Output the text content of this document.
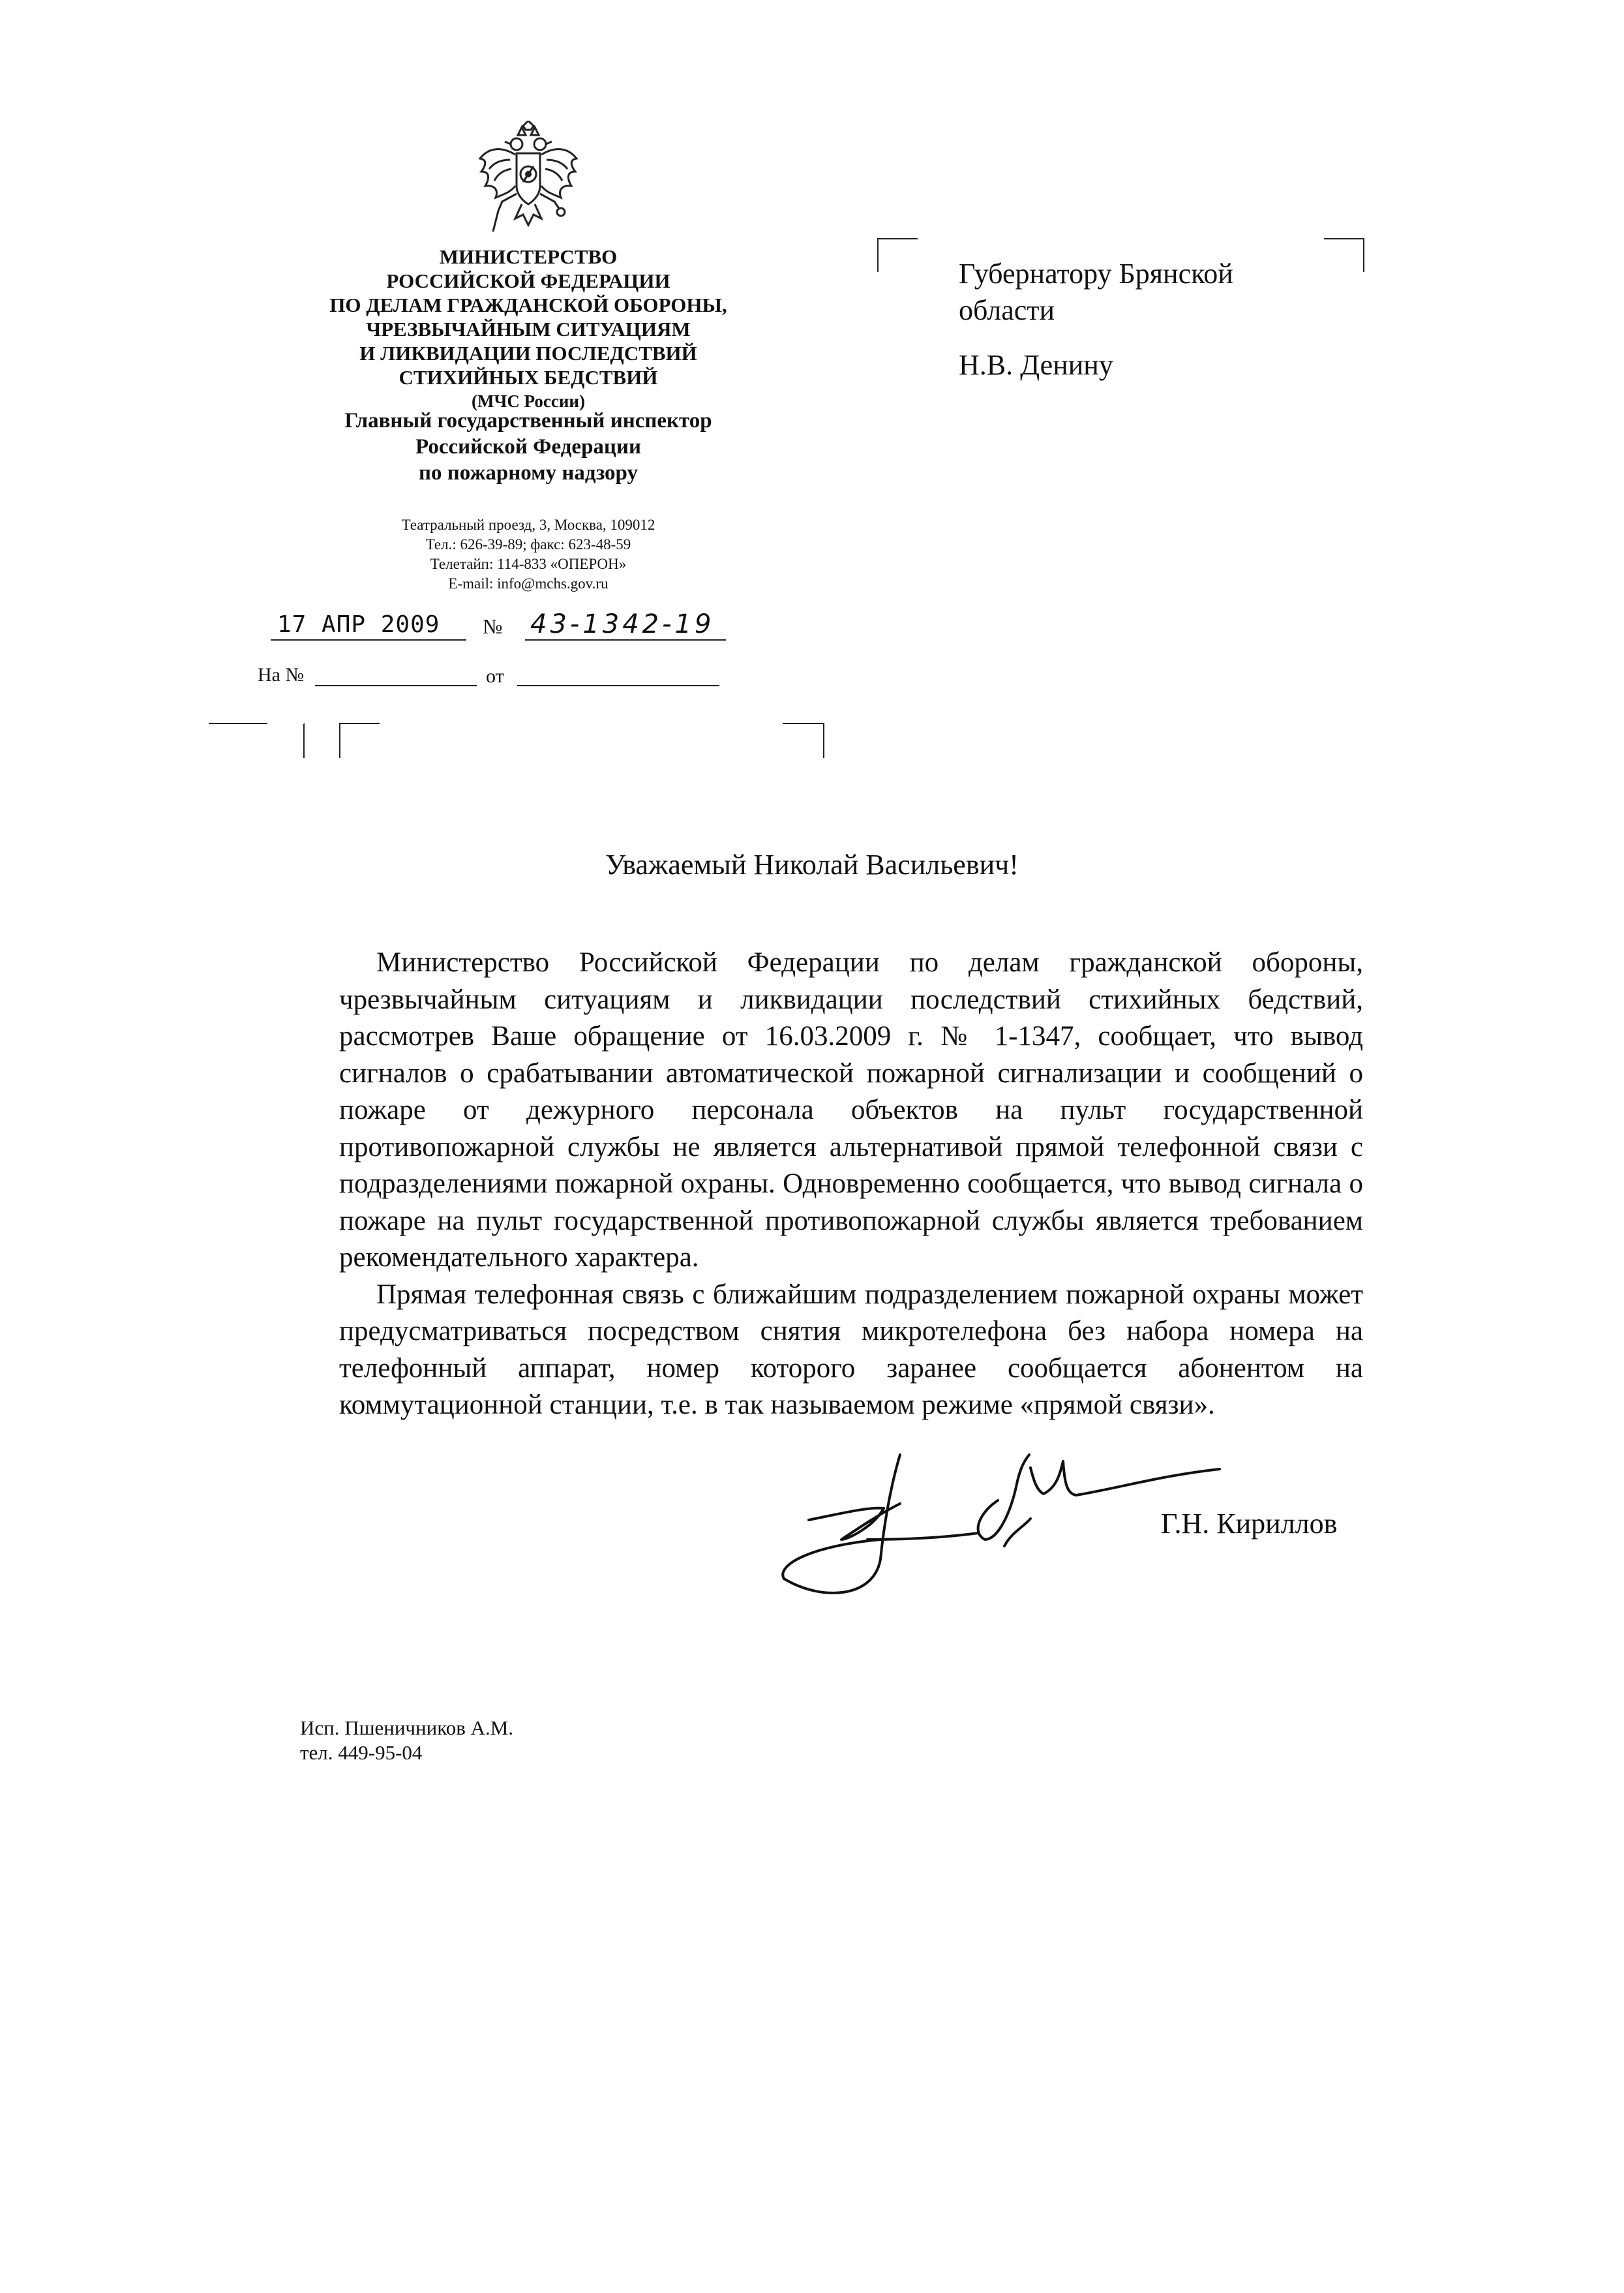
МИНИСТЕРСТВО
РОССИЙСКОЙ ФЕДЕРАЦИИ
ПО ДЕЛАМ ГРАЖДАНСКОЙ ОБОРОНЫ,
ЧРЕЗВЫЧАЙНЫМ СИТУАЦИЯМ
И ЛИКВИДАЦИИ ПОСЛЕДСТВИЙ
СТИХИЙНЫХ БЕДСТВИЙ
(МЧС России)
Главный государственный инспектор
Российской Федерации
по пожарному надзору
Театральный проезд, 3, Москва, 109012
Тел.: 626-39-89; факс: 623-48-59
Телетайп: 114-833 «ОПЕРОН»
E-mail: info@mchs.gov.ru
17 АПР 2009	№ 43-1342-19
На №	от
Губернатору Брянской
области
Н.В. Денину
Уважаемый Николай Васильевич!

Министерство Российской Федерации по делам гражданской обороны, чрезвычайным ситуациям и ликвидации последствий стихийных бедствий, рассмотрев Ваше обращение от 16.03.2009 г. № 1-1347, сообщает, что вывод сигналов о срабатывании автоматической пожарной сигнализации и сообщений о пожаре от дежурного персонала объектов на пульт государственной противопожарной службы не является альтернативой прямой телефонной связи с подразделениями пожарной охраны. Одновременно сообщается, что вывод сигнала о пожаре на пульт государственной противопожарной службы является требованием рекомендательного характера.

Прямая телефонная связь с ближайшим подразделением пожарной охраны может предусматриваться посредством снятия микротелефона без набора номера на телефонный аппарат, номер которого заранее сообщается абонентом на коммутационной станции, т.е. в так называемом режиме «прямой связи».

Г.Н. Кириллов
Исп. Пшеничников А.М.
тел. 449-95-04
